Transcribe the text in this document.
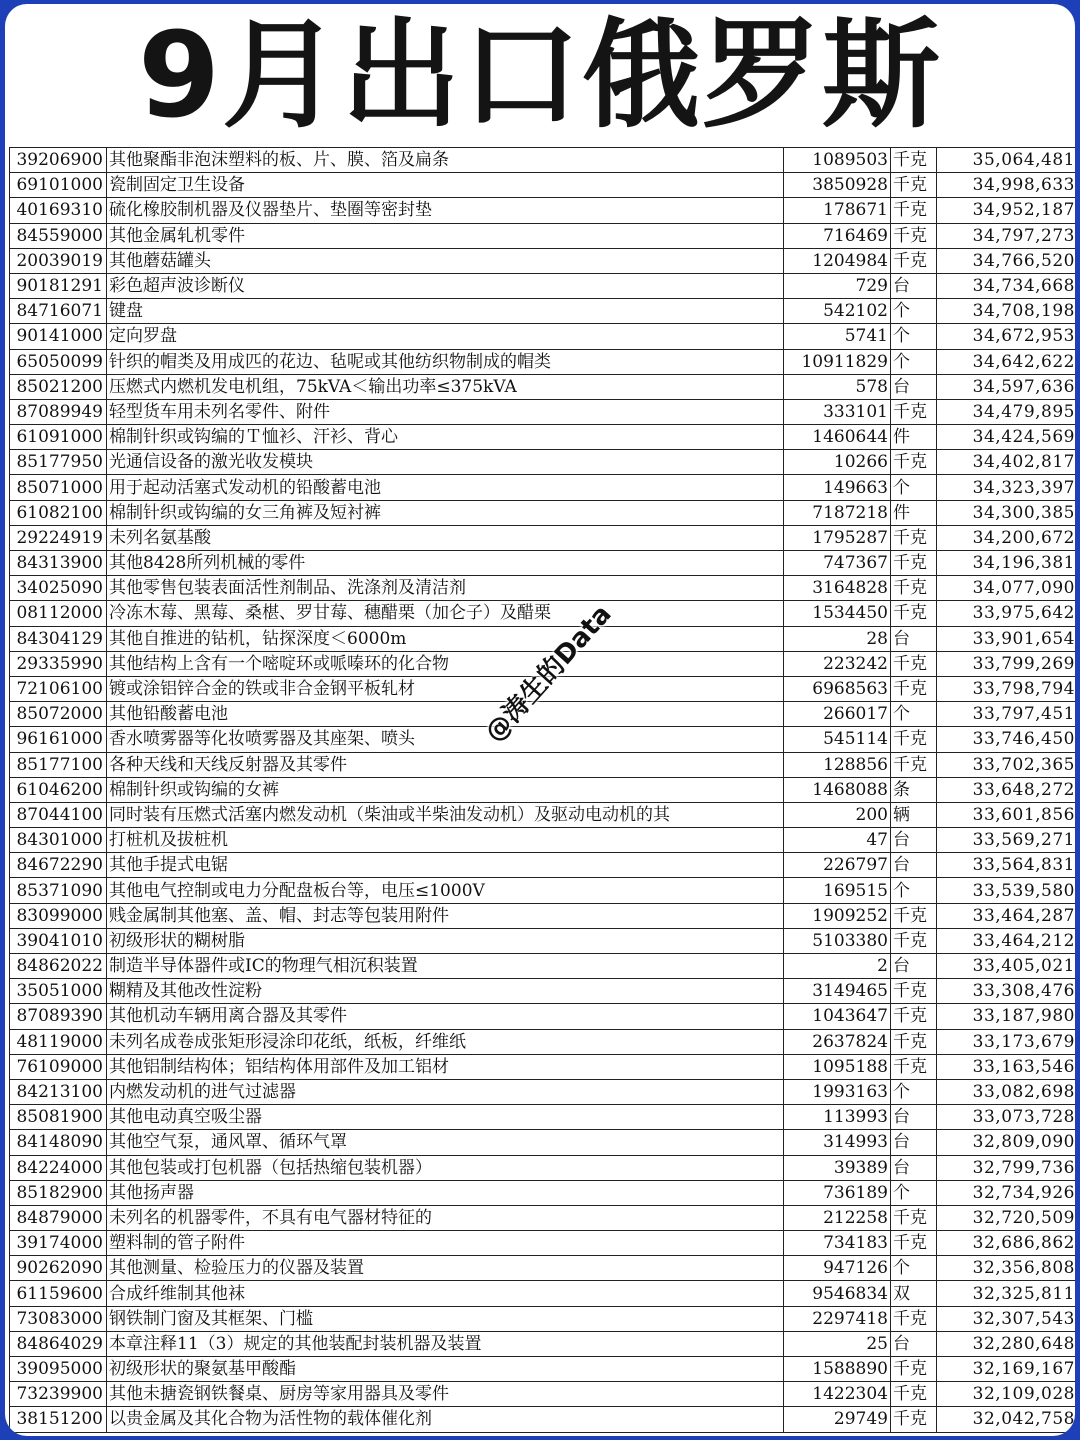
9月出口俄罗斯
39206900	其他聚酯非泡沫塑料的板、片、膜、箔及扁条	1089503	千克	35,064,481
69101000	瓷制固定卫生设备	3850928	千克	34,998,633
40169310	硫化橡胶制机器及仪器垫片、垫圈等密封垫	178671	千克	34,952,187
84559000	其他金属轧机零件	716469	千克	34,797,273
20039019	其他蘑菇罐头	1204984	千克	34,766,520
90181291	彩色超声波诊断仪	729	台	34,734,668
84716071	键盘	542102	个	34,708,198
90141000	定向罗盘	5741	个	34,672,953
65050099	针织的帽类及用成匹的花边、毡呢或其他纺织物制成的帽类	10911829	个	34,642,622
85021200	压燃式内燃机发电机组，75kVA＜输出功率≤375kVA	578	台	34,597,636
87089949	轻型货车用未列名零件、附件	333101	千克	34,479,895
61091000	棉制针织或钩编的Ｔ恤衫、汗衫、背心	1460644	件	34,424,569
85177950	光通信设备的激光收发模块	10266	千克	34,402,817
85071000	用于起动活塞式发动机的铅酸蓄电池	149663	个	34,323,397
61082100	棉制针织或钩编的女三角裤及短衬裤	7187218	件	34,300,385
29224919	未列名氨基酸	1795287	千克	34,200,672
84313900	其他8428所列机械的零件	747367	千克	34,196,381
34025090	其他零售包装表面活性剂制品、洗涤剂及清洁剂	3164828	千克	34,077,090
08112000	冷冻木莓、黑莓、桑椹、罗甘莓、穗醋栗（加仑子）及醋栗	1534450	千克	33,975,642
84304129	其他自推进的钻机，钻探深度＜6000m	28	台	33,901,654
29335990	其他结构上含有一个嘧啶环或哌嗪环的化合物	223242	千克	33,799,269
72106100	镀或涂铝锌合金的铁或非合金钢平板轧材	6968563	千克	33,798,794
85072000	其他铅酸蓄电池	266017	个	33,797,451
96161000	香水喷雾器等化妆喷雾器及其座架、喷头	545114	千克	33,746,450
85177100	各种天线和天线反射器及其零件	128856	千克	33,702,365
61046200	棉制针织或钩编的女裤	1468088	条	33,648,272
87044100	同时装有压燃式活塞内燃发动机（柴油或半柴油发动机）及驱动电动机的其	200	辆	33,601,856
84301000	打桩机及拔桩机	47	台	33,569,271
84672290	其他手提式电锯	226797	台	33,564,831
85371090	其他电气控制或电力分配盘板台等，电压≤1000V	169515	个	33,539,580
83099000	贱金属制其他塞、盖、帽、封志等包装用附件	1909252	千克	33,464,287
39041010	初级形状的糊树脂	5103380	千克	33,464,212
84862022	制造半导体器件或IC的物理气相沉积装置	2	台	33,405,021
35051000	糊精及其他改性淀粉	3149465	千克	33,308,476
87089390	其他机动车辆用离合器及其零件	1043647	千克	33,187,980
48119000	未列名成卷成张矩形浸涂印花纸，纸板，纤维纸	2637824	千克	33,173,679
76109000	其他铝制结构体；铝结构体用部件及加工铝材	1095188	千克	33,163,546
84213100	内燃发动机的进气过滤器	1993163	个	33,082,698
85081900	其他电动真空吸尘器	113993	台	33,073,728
84148090	其他空气泵，通风罩、循环气罩	314993	台	32,809,090
84224000	其他包装或打包机器（包括热缩包装机器）	39389	台	32,799,736
85182900	其他扬声器	736189	个	32,734,926
84879000	未列名的机器零件，不具有电气器材特征的	212258	千克	32,720,509
39174000	塑料制的管子附件	734183	千克	32,686,862
90262090	其他测量、检验压力的仪器及装置	947126	个	32,356,808
61159600	合成纤维制其他袜	9546834	双	32,325,811
73083000	钢铁制门窗及其框架、门槛	2297418	千克	32,307,543
84864029	本章注释11（3）规定的其他装配封装机器及装置	25	台	32,280,648
39095000	初级形状的聚氨基甲酸酯	1588890	千克	32,169,167
73239900	其他未搪瓷钢铁餐桌、厨房等家用器具及零件	1422304	千克	32,109,028
38151200	以贵金属及其化合物为活性物的载体催化剂	29749	千克	32,042,758
@涛生的Data
